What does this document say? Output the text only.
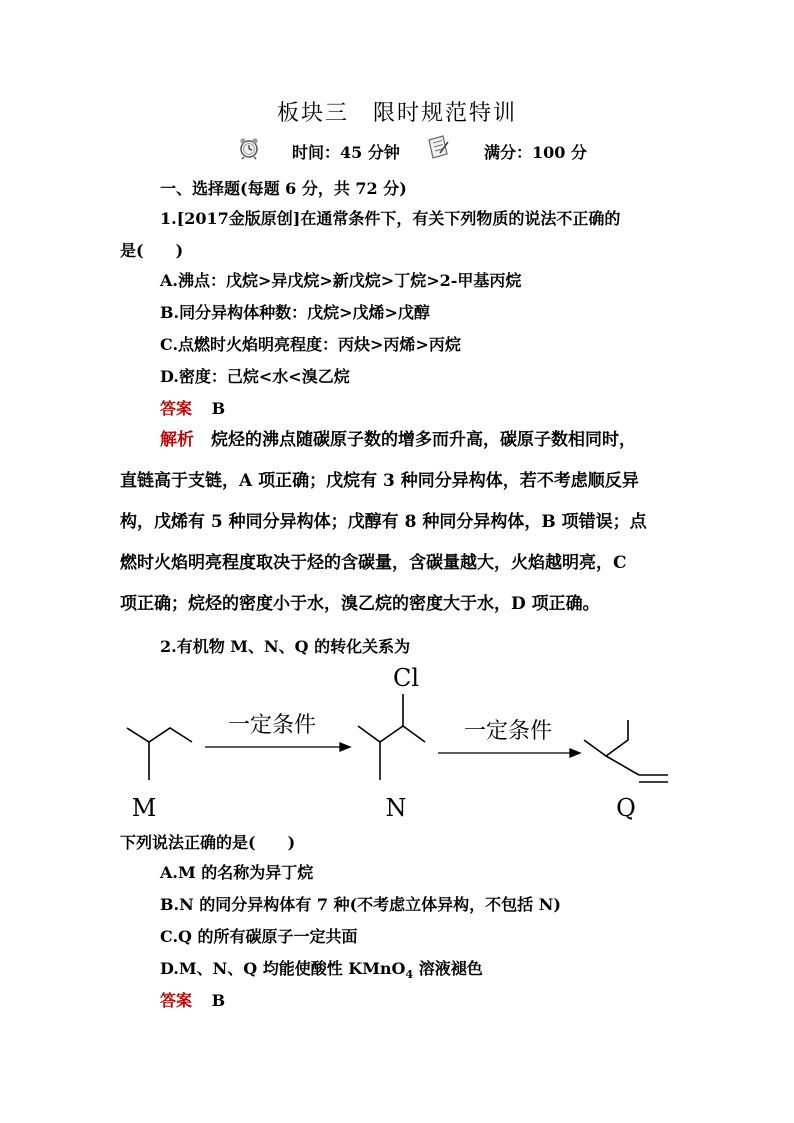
板块三　限时规范特训
时间：45 分钟	满分：100 分
一、选择题(每题 6 分，共 72 分)
1.[2017金版原创]在通常条件下，有关下列物质的说法不正确的
是(　　)
A.沸点：戊烷>异戊烷>新戊烷>丁烷>2-甲基丙烷
B.同分异构体种数：戊烷>戊烯>戊醇
C.点燃时火焰明亮程度：丙炔>丙烯>丙烷
D.密度：己烷<水<溴乙烷
答案 B
解析　烷烃的沸点随碳原子数的增多而升高，碳原子数相同时，
直链高于支链，A 项正确；戊烷有 3 种同分异构体，若不考虑顺反异
构，戊烯有 5 种同分异构体；戊醇有 8 种同分异构体，B 项错误；点
燃时火焰明亮程度取决于烃的含碳量，含碳量越大，火焰越明亮，C
项正确；烷烃的密度小于水，溴乙烷的密度大于水，D 项正确。
2.有机物 M、N、Q 的转化关系为
M
一定条件
Cl
N
一定条件
Q
下列说法正确的是(　　)
A.M 的名称为异丁烷
B.N 的同分异构体有 7 种(不考虑立体异构，不包括 N)
C.Q 的所有碳原子一定共面
D.M、N、Q 均能使酸性 KMnO$_4$ 溶液褪色
答案 B
